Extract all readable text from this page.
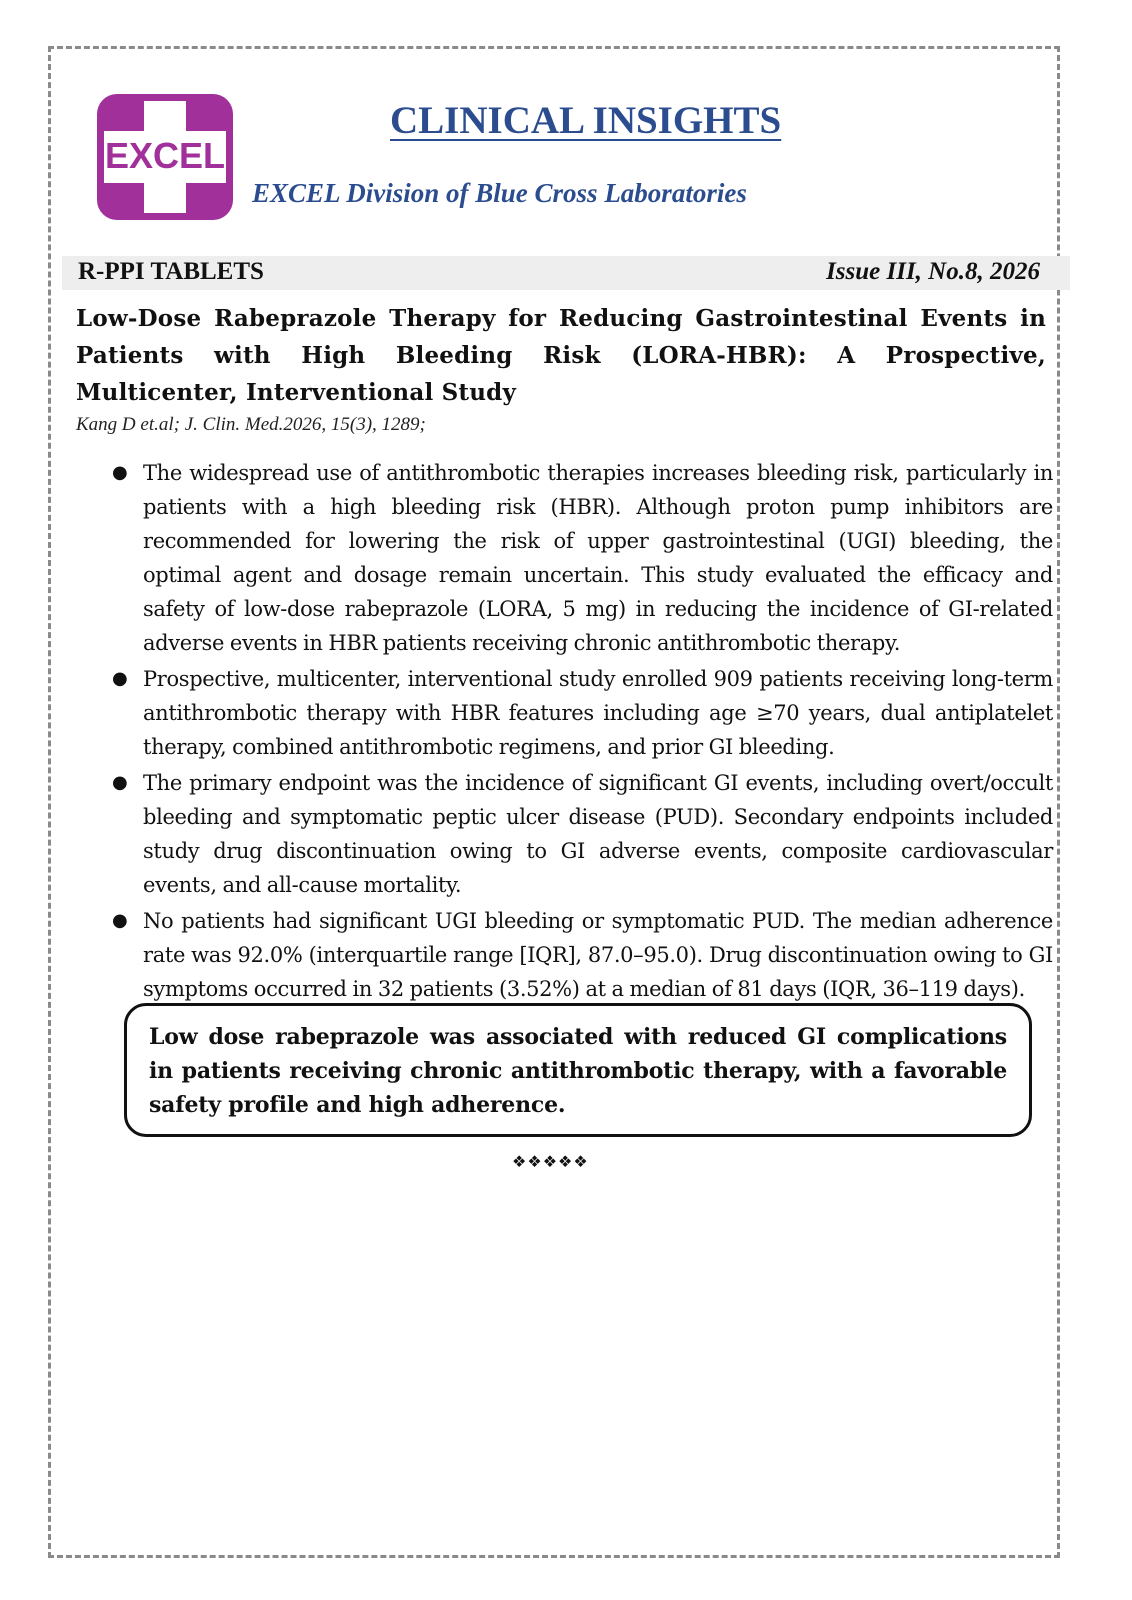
EXCEL
CLINICAL INSIGHTS
EXCEL Division of Blue Cross Laboratories
R-PPI TABLETS	Issue III, No.8, 2026
Low-Dose Rabeprazole Therapy for Reducing Gastrointestinal Events in Patients with High Bleeding Risk (LORA-HBR): A Prospective, Multicenter, Interventional Study
Kang D et.al; J. Clin. Med.2026, 15(3), 1289;
● The widespread use of antithrombotic therapies increases bleeding risk, particularly in patients with a high bleeding risk (HBR). Although proton pump inhibitors are recommended for lowering the risk of upper gastrointestinal (UGI) bleeding, the optimal agent and dosage remain uncertain. This study evaluated the efficacy and safety of low-dose rabeprazole (LORA, 5 mg) in reducing the incidence of GI-related adverse events in HBR patients receiving chronic antithrombotic therapy.
● Prospective, multicenter, interventional study enrolled 909 patients receiving long-term antithrombotic therapy with HBR features including age ≥70 years, dual antiplatelet therapy, combined antithrombotic regimens, and prior GI bleeding.
● The primary endpoint was the incidence of significant GI events, including overt/occult bleeding and symptomatic peptic ulcer disease (PUD). Secondary endpoints included study drug discontinuation owing to GI adverse events, composite cardiovascular events, and all-cause mortality.
● No patients had significant UGI bleeding or symptomatic PUD. The median adherence rate was 92.0% (interquartile range [IQR], 87.0–95.0). Drug discontinuation owing to GI symptoms occurred in 32 patients (3.52%) at a median of 81 days (IQR, 36–119 days).
Low dose rabeprazole was associated with reduced GI complications in patients receiving chronic antithrombotic therapy, with a favorable safety profile and high adherence.
❖❖❖❖❖
